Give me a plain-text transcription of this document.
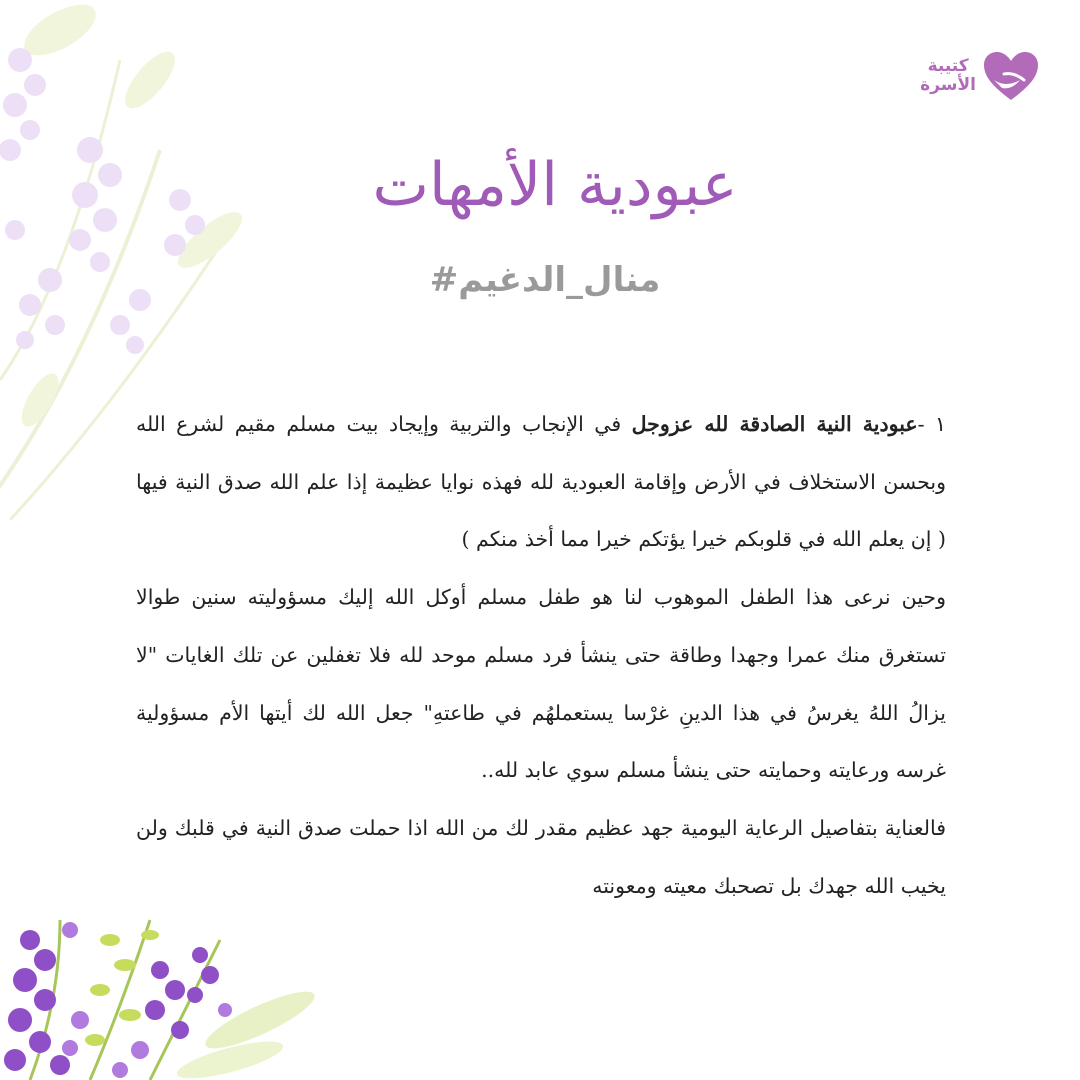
كتيبة
الأسرة
عبودية الأمهات
#منال_الدغيم

١ -عبودية النية الصادقة لله عزوجل في الإنجاب والتربية وإيجاد بيت مسلم مقيم لشرع الله وبحسن الاستخلاف في الأرض وإقامة العبودية لله فهذه نوايا عظيمة إذا علم الله صدق النية فيها ( إن يعلم الله في قلوبكم خيرا يؤتكم خيرا مما أخذ منكم )

وحين نرعى هذا الطفل الموهوب لنا هو طفل مسلم أوكل الله إليك مسؤوليته سنين طوالا تستغرق منك عمرا وجهدا وطاقة حتى ينشأ فرد مسلم موحد لله فلا تغفلين عن تلك الغايات "لا يزالُ اللهُ يغرسُ في هذا الدينِ غرْسا يستعملهُم في طاعتهِ" جعل الله لك أيتها الأم مسؤولية غرسه ورعايته وحمايته حتى ينشأ مسلم سوي عابد لله..

فالعناية بتفاصيل الرعاية اليومية جهد عظيم مقدر لك من الله اذا حملت صدق النية في قلبك ولن يخيب الله جهدك بل تصحبك معيته ومعونته
